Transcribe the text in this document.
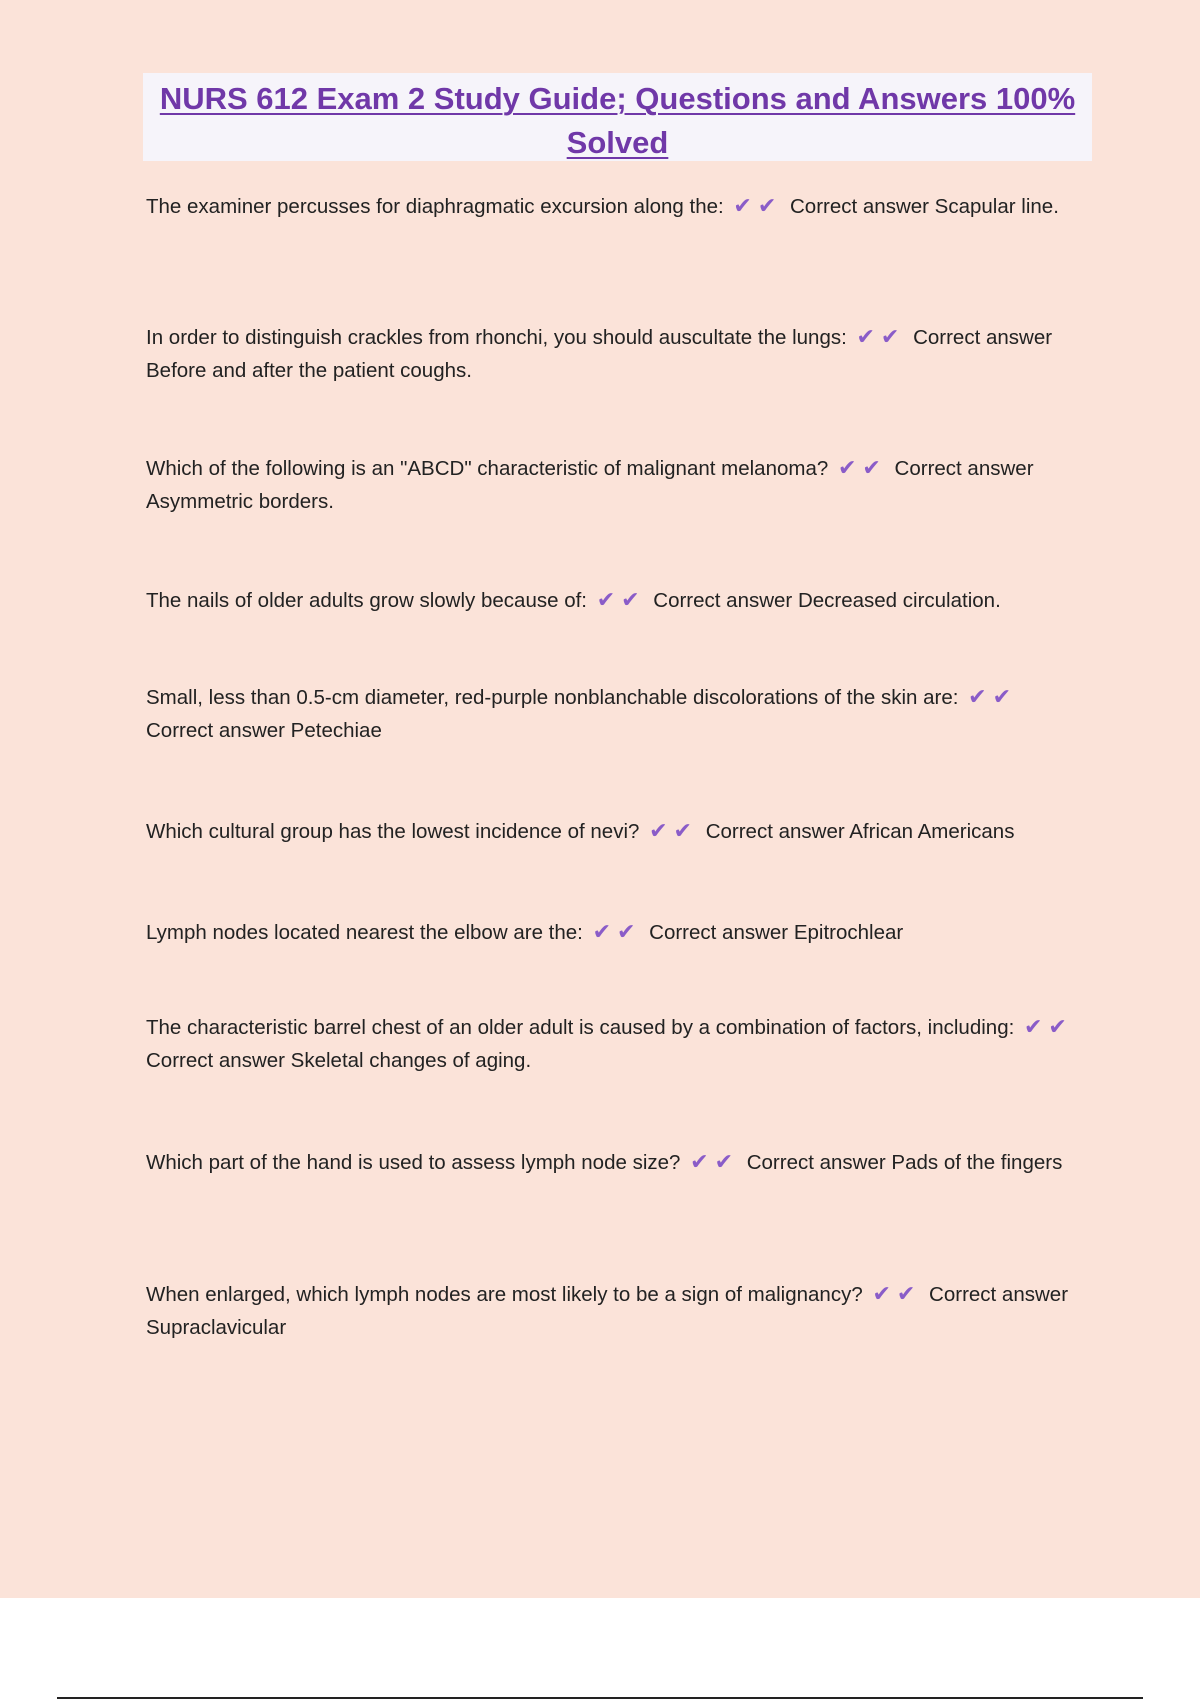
NURS 612 Exam 2 Study Guide; Questions and Answers 100% Solved

The examiner percusses for diaphragmatic excursion along the: ✔✔ Correct answer Scapular line.

In order to distinguish crackles from rhonchi, you should auscultate the lungs: ✔✔ Correct answer Before and after the patient coughs.

Which of the following is an "ABCD" characteristic of malignant melanoma? ✔✔ Correct answer Asymmetric borders.

The nails of older adults grow slowly because of: ✔✔ Correct answer Decreased circulation.

Small, less than 0.5-cm diameter, red-purple nonblanchable discolorations of the skin are: ✔✔ Correct answer Petechiae

Which cultural group has the lowest incidence of nevi? ✔✔ Correct answer African Americans

Lymph nodes located nearest the elbow are the: ✔✔ Correct answer Epitrochlear

The characteristic barrel chest of an older adult is caused by a combination of factors, including: ✔✔ Correct answer Skeletal changes of aging.

Which part of the hand is used to assess lymph node size? ✔✔ Correct answer Pads of the fingers

When enlarged, which lymph nodes are most likely to be a sign of malignancy? ✔✔ Correct answer Supraclavicular
